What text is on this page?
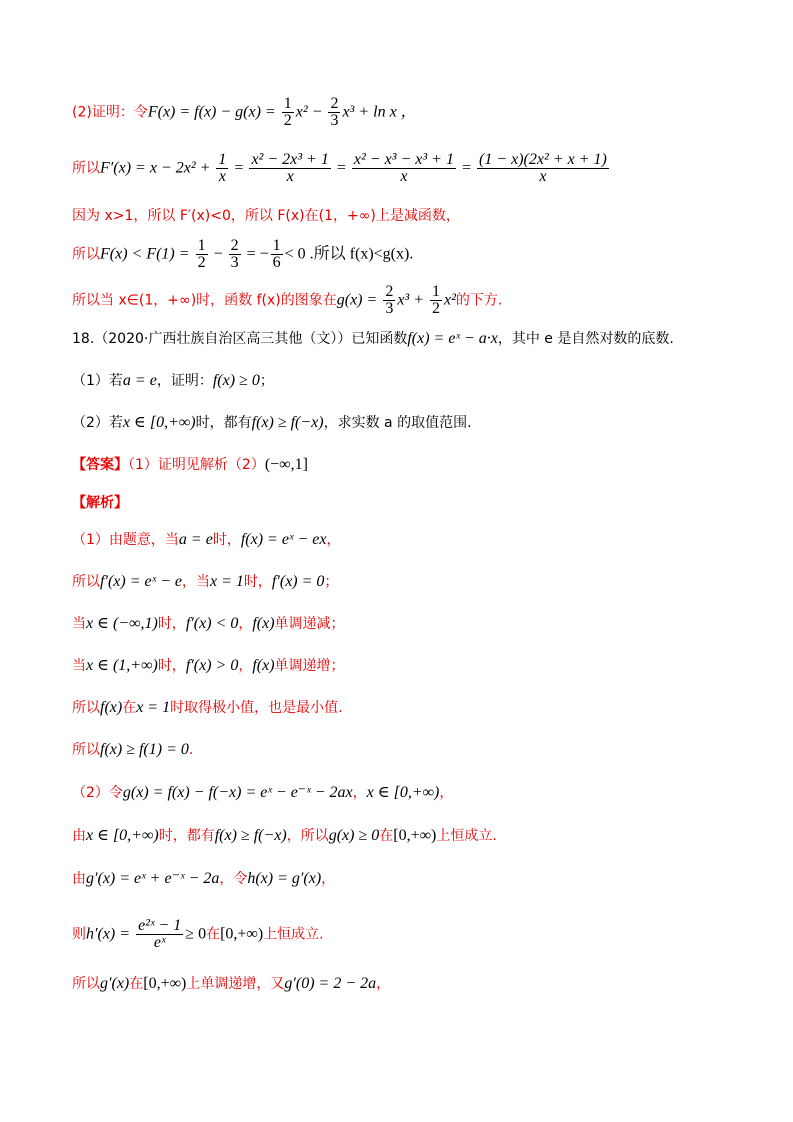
(2)证明：令$F(x) = f(x) - g(x) = \frac{1}{2} x^2 - \frac{2}{3} x^3 + \ln x$ ，
所以$F'(x) = x - 2x^2 + \frac{1}{x} = \frac{\text{x² − 2x³ + 1}}{x} = \frac{\text{x² − x³ − x³ + 1}}{x} = \frac{\text{(1 − x)(2x² + x + 1)}}{x}$
因为 x>1，所以 F′(x)<0，所以 F(x)在(1，+∞)上是减函数，
所以$F(x) < F(1) = \frac{1}{2} - \frac{2}{3}$ = − $\frac{1}{6} < 0$ .所以 f(x)<g(x).
所以当 x∈(1，+∞)时，函数 f(x)的图象在$g(x) = \frac{2}{3} x^3 + \frac{1}{2} x^2$的下方.
18.（2020·广西壮族自治区高三其他（文））已知函数f(x) = eˣ − a·x，其中 e 是自然对数的底数.
（1）若a = e，证明：f(x) ≥ 0；
（2）若x ∈ [0,+∞)时，都有f(x) ≥ f(−x)，求实数 a 的取值范围.
【答案】（1）证明见解析（2）(−∞,1]
【解析】
（1）由题意，当a = e时，f(x) = eˣ − ex，
所以f′(x) = eˣ − e，当x = 1时，f′(x) = 0；
当x ∈ (−∞,1)时，f′(x) < 0，f(x)单调递减；
当x ∈ (1,+∞)时，f′(x) > 0，f(x)单调递增；
所以f(x)在x = 1时取得极小值，也是最小值.
所以f(x) ≥ f(1) = 0.
（2）令g(x) = f(x) − f(−x) = eˣ − e⁻ˣ − 2ax，x ∈ [0,+∞)，
由x ∈ [0,+∞)时，都有f(x) ≥ f(−x)，所以g(x) ≥ 0在[0,+∞)上恒成立.
由g′(x) = eˣ + e⁻ˣ − 2a，令h(x) = g′(x)，
则$h'(x) = \frac{\text{e²ˣ − 1}}{\text{eˣ}} \ge 0$在[0,+∞)上恒成立.
所以g′(x)在[0,+∞)上单调递增，又g′(0) = 2 − 2a，
